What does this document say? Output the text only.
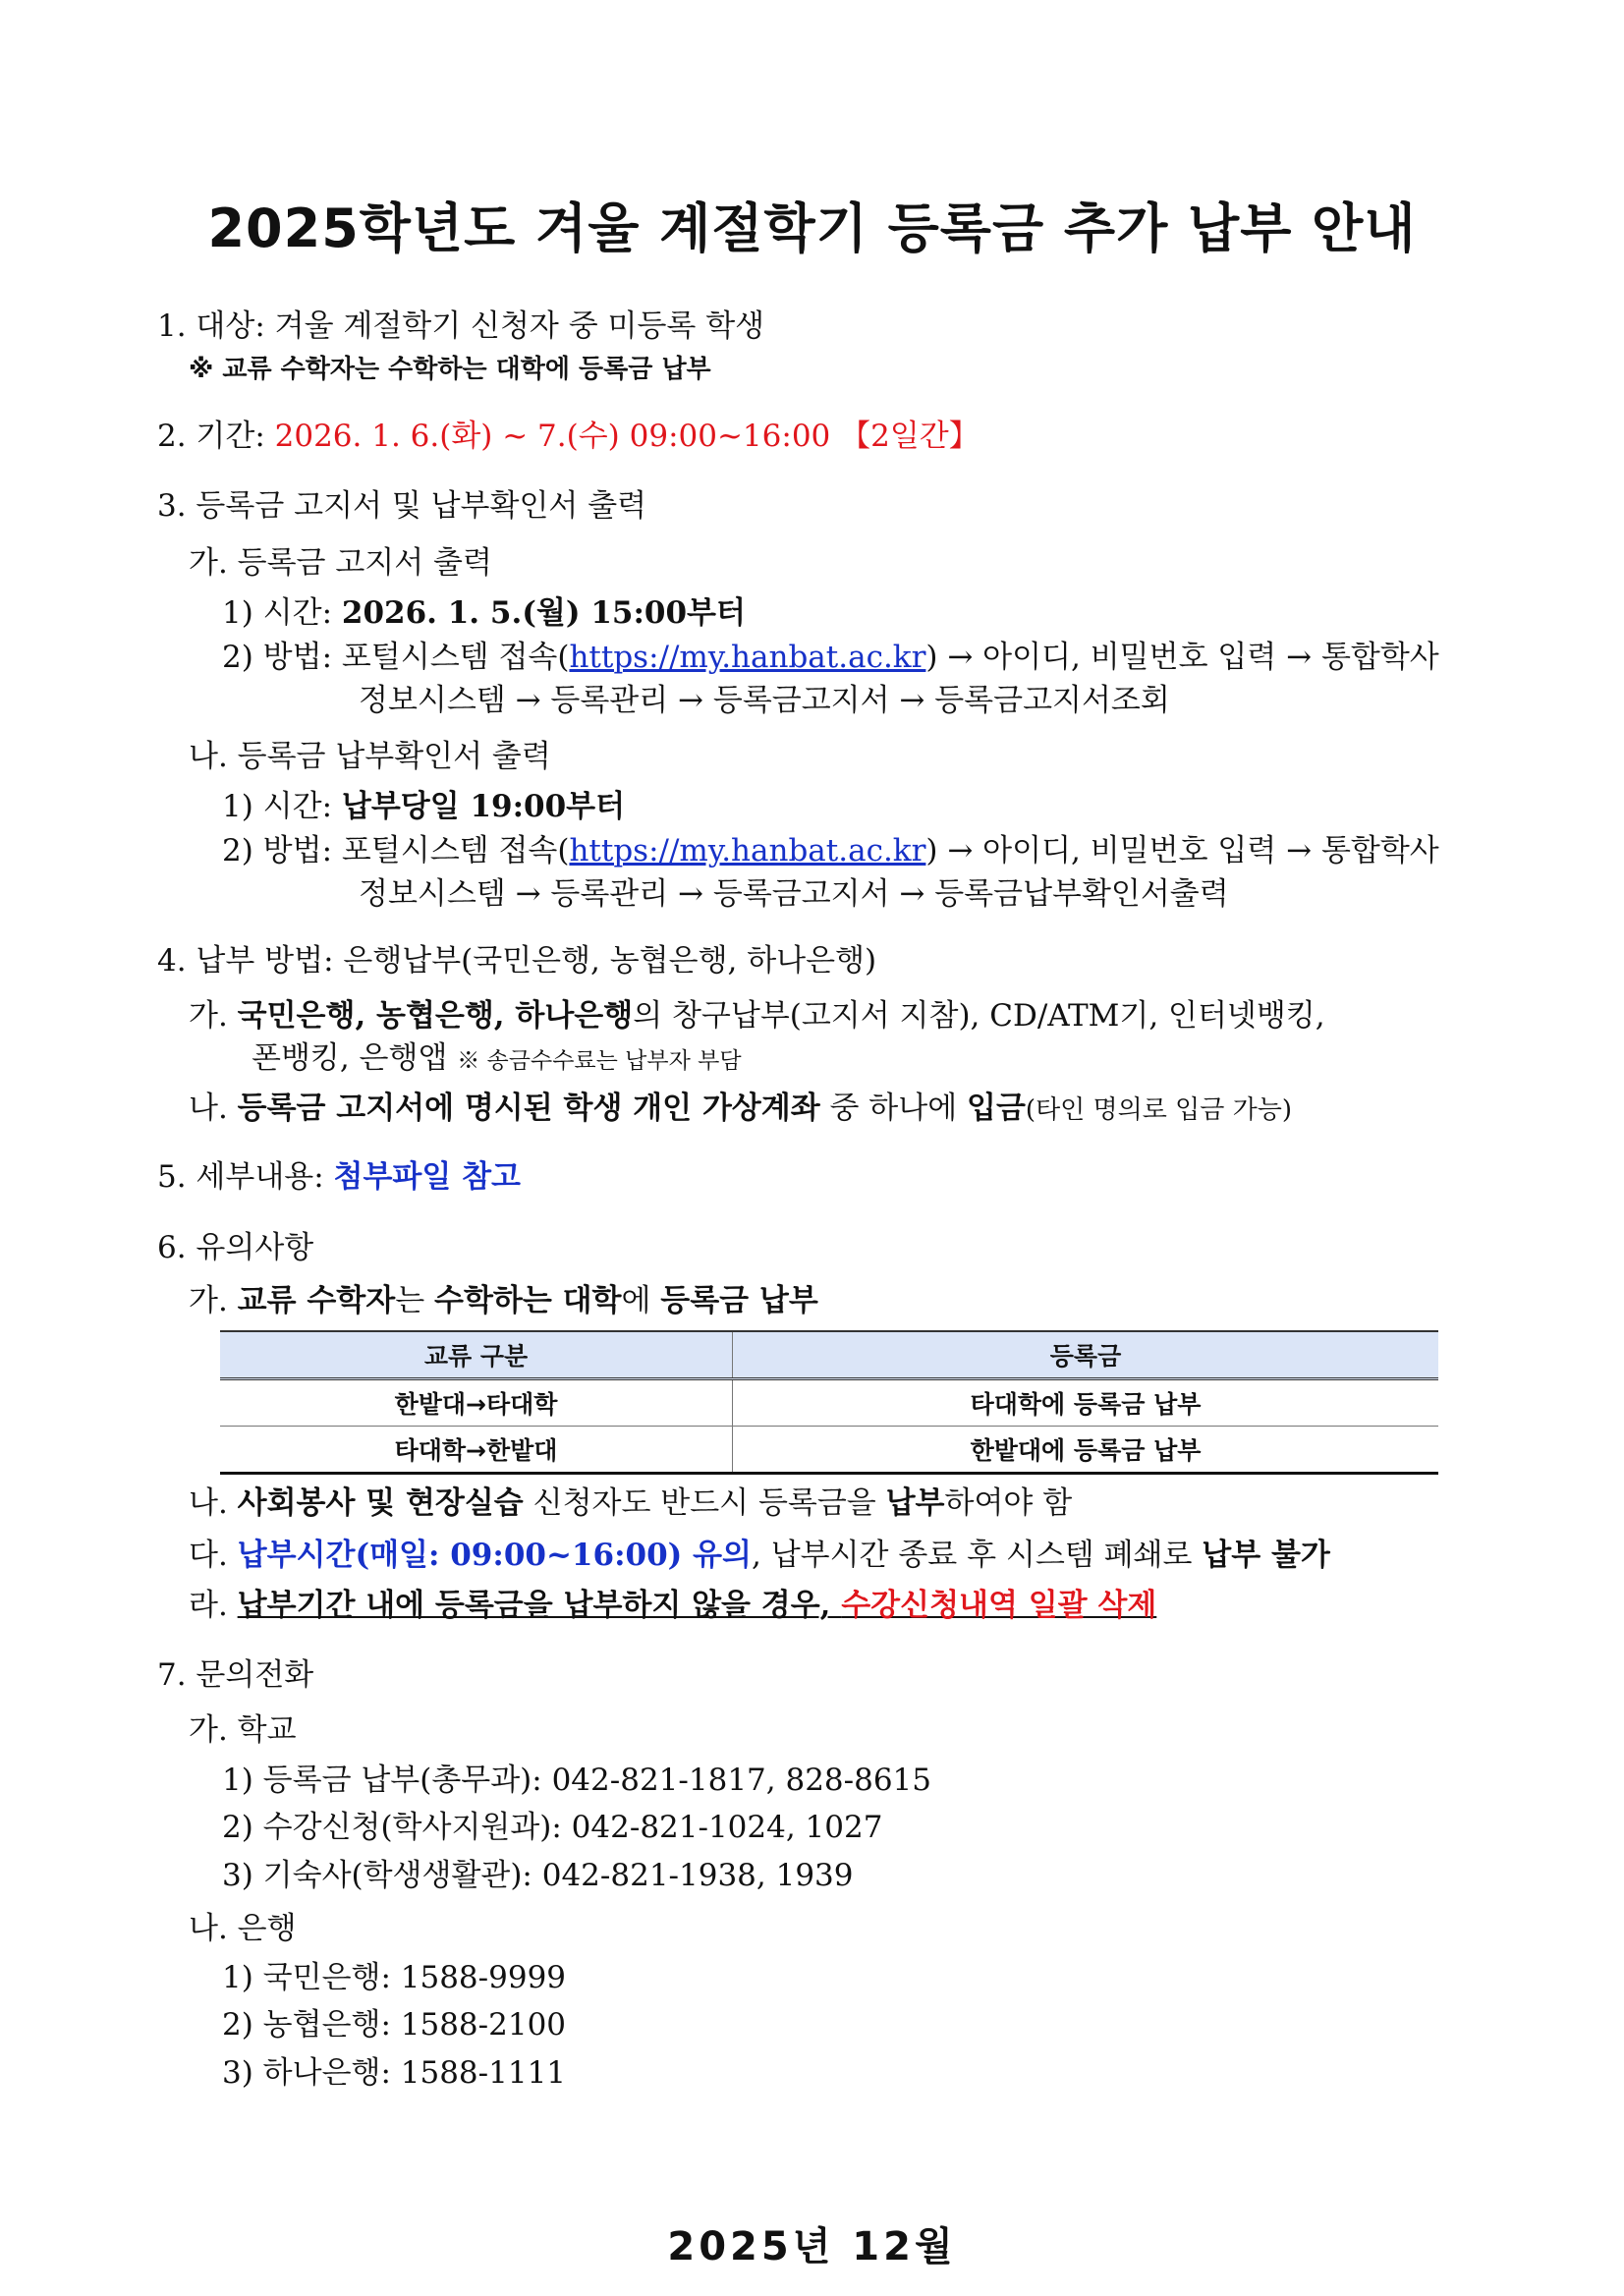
2025학년도 겨울 계절학기 등록금 추가 납부 안내
1. 대상: 겨울 계절학기 신청자 중 미등록 학생
※ 교류 수학자는 수학하는 대학에 등록금 납부
2. 기간: 2026. 1. 6.(화) ~ 7.(수) 09:00~16:00 【2일간】
3. 등록금 고지서 및 납부확인서 출력
가. 등록금 고지서 출력
1) 시간: 2026. 1. 5.(월) 15:00부터
2) 방법: 포털시스템 접속(https://my.hanbat.ac.kr) → 아이디, 비밀번호 입력 → 통합학사
정보시스템 → 등록관리 → 등록금고지서 → 등록금고지서조회
나. 등록금 납부확인서 출력
1) 시간: 납부당일 19:00부터
2) 방법: 포털시스템 접속(https://my.hanbat.ac.kr) → 아이디, 비밀번호 입력 → 통합학사
정보시스템 → 등록관리 → 등록금고지서 → 등록금납부확인서출력
4. 납부 방법: 은행납부(국민은행, 농협은행, 하나은행)
가. 국민은행, 농협은행, 하나은행의 창구납부(고지서 지참), CD/ATM기, 인터넷뱅킹,
폰뱅킹, 은행앱 ※ 송금수수료는 납부자 부담
나. 등록금 고지서에 명시된 학생 개인 가상계좌 중 하나에 입금(타인 명의로 입금 가능)
5. 세부내용: 첨부파일 참고
6. 유의사항
가. 교류 수학자는 수학하는 대학에 등록금 납부
교류 구분	등록금
한밭대→타대학	타대학에 등록금 납부
타대학→한밭대	한밭대에 등록금 납부
나. 사회봉사 및 현장실습 신청자도 반드시 등록금을 납부하여야 함
다. 납부시간(매일: 09:00~16:00) 유의, 납부시간 종료 후 시스템 폐쇄로 납부 불가
라. 납부기간 내에 등록금을 납부하지 않을 경우, 수강신청내역 일괄 삭제
7. 문의전화
가. 학교
1) 등록금 납부(총무과): 042-821-1817, 828-8615
2) 수강신청(학사지원과): 042-821-1024, 1027
3) 기숙사(학생생활관): 042-821-1938, 1939
나. 은행
1) 국민은행: 1588-9999
2) 농협은행: 1588-2100
3) 하나은행: 1588-1111
2025년 12월
